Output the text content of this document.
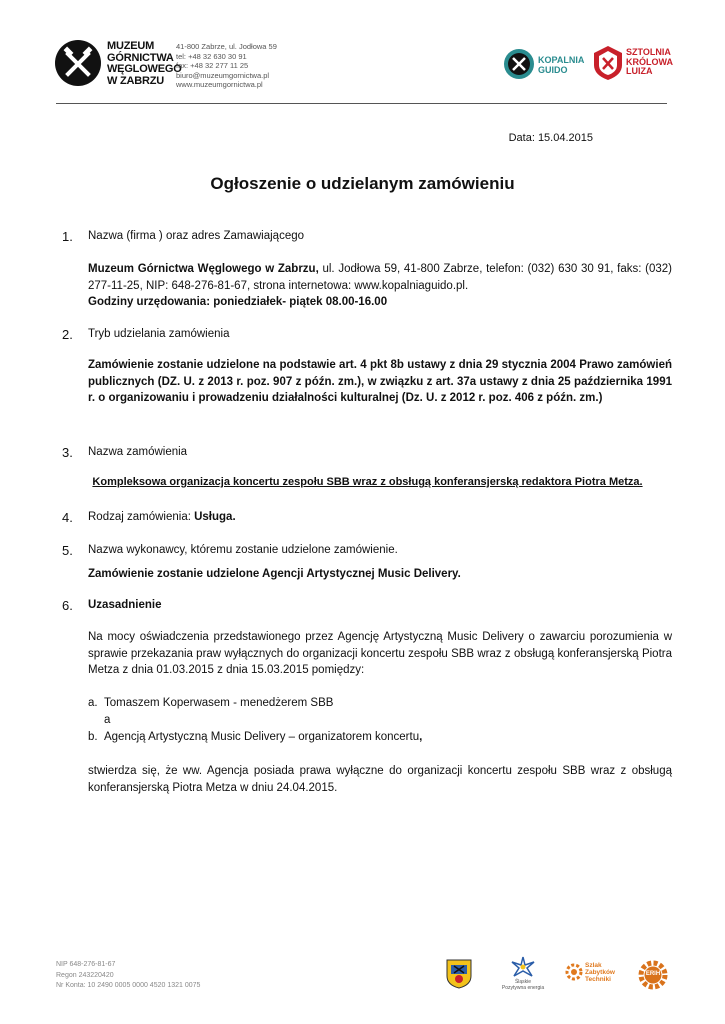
MUZEUM
GÓRNICTWA
WĘGLOWEGO
W ZABRZU
41-800 Zabrze, ul. Jodłowa 59
tel: +48 32 630 30 91
fax: +48 32 277 11 25
biuro@muzeumgornictwa.pl
www.muzeumgornictwa.pl
KOPALNIA
GUIDO
SZTOLNIA
KRÓLOWA
LUIZA
Data: 15.04.2015
Ogłoszenie o udzielanym zamówieniu
1. Nazwa (firma ) oraz adres Zamawiającego
Muzeum Górnictwa Węglowego w Zabrzu, ul. Jodłowa 59, 41-800 Zabrze, telefon: (032) 630 30 91, faks: (032) 277-11-25, NIP: 648-276-81-67, strona internetowa: www.kopalniaguido.pl.
Godziny urzędowania: poniedziałek- piątek 08.00-16.00
2. Tryb udzielania zamówienia
Zamówienie zostanie udzielone na podstawie art. 4 pkt 8b ustawy z dnia 29 stycznia 2004 Prawo zamówień publicznych (DZ. U. z 2013 r. poz. 907 z późn. zm.), w związku z art. 37a ustawy z dnia 25 października 1991 r. o organizowaniu i prowadzeniu działalności kulturalnej (Dz. U. z 2012 r. poz. 406 z późn. zm.)
3. Nazwa zamówienia
Kompleksowa organizacja koncertu zespołu SBB wraz z obsługą konferansjerską redaktora Piotra Metza.
4. Rodzaj zamówienia: Usługa.
5. Nazwa wykonawcy, któremu zostanie udzielone zamówienie.
Zamówienie zostanie udzielone Agencji Artystycznej Music Delivery.
6. Uzasadnienie
Na mocy oświadczenia przedstawionego przez Agencję Artystyczną Music Delivery o zawarciu porozumienia w sprawie przekazania praw wyłącznych do organizacji koncertu zespołu SBB wraz z obsługą konferansjerską Piotra Metza z dnia 01.03.2015 z dnia 15.03.2015 pomiędzy:
a. Tomaszem Koperwasem - menedżerem SBB
a
b. Agencją Artystyczną Music Delivery – organizatorem koncertu,
stwierdza się, że ww. Agencja posiada prawa wyłączne do organizacji koncertu zespołu SBB wraz z obsługą konferansjerską Piotra Metza w dniu 24.04.2015.
NIP 648-276-81-67
Regon 243220420
Nr Konta: 10 2490 0005 0000 4520 1321 0075	Śląskie
Pozytywna energia
Szlak
Zabytków
Techniki
ERIH
